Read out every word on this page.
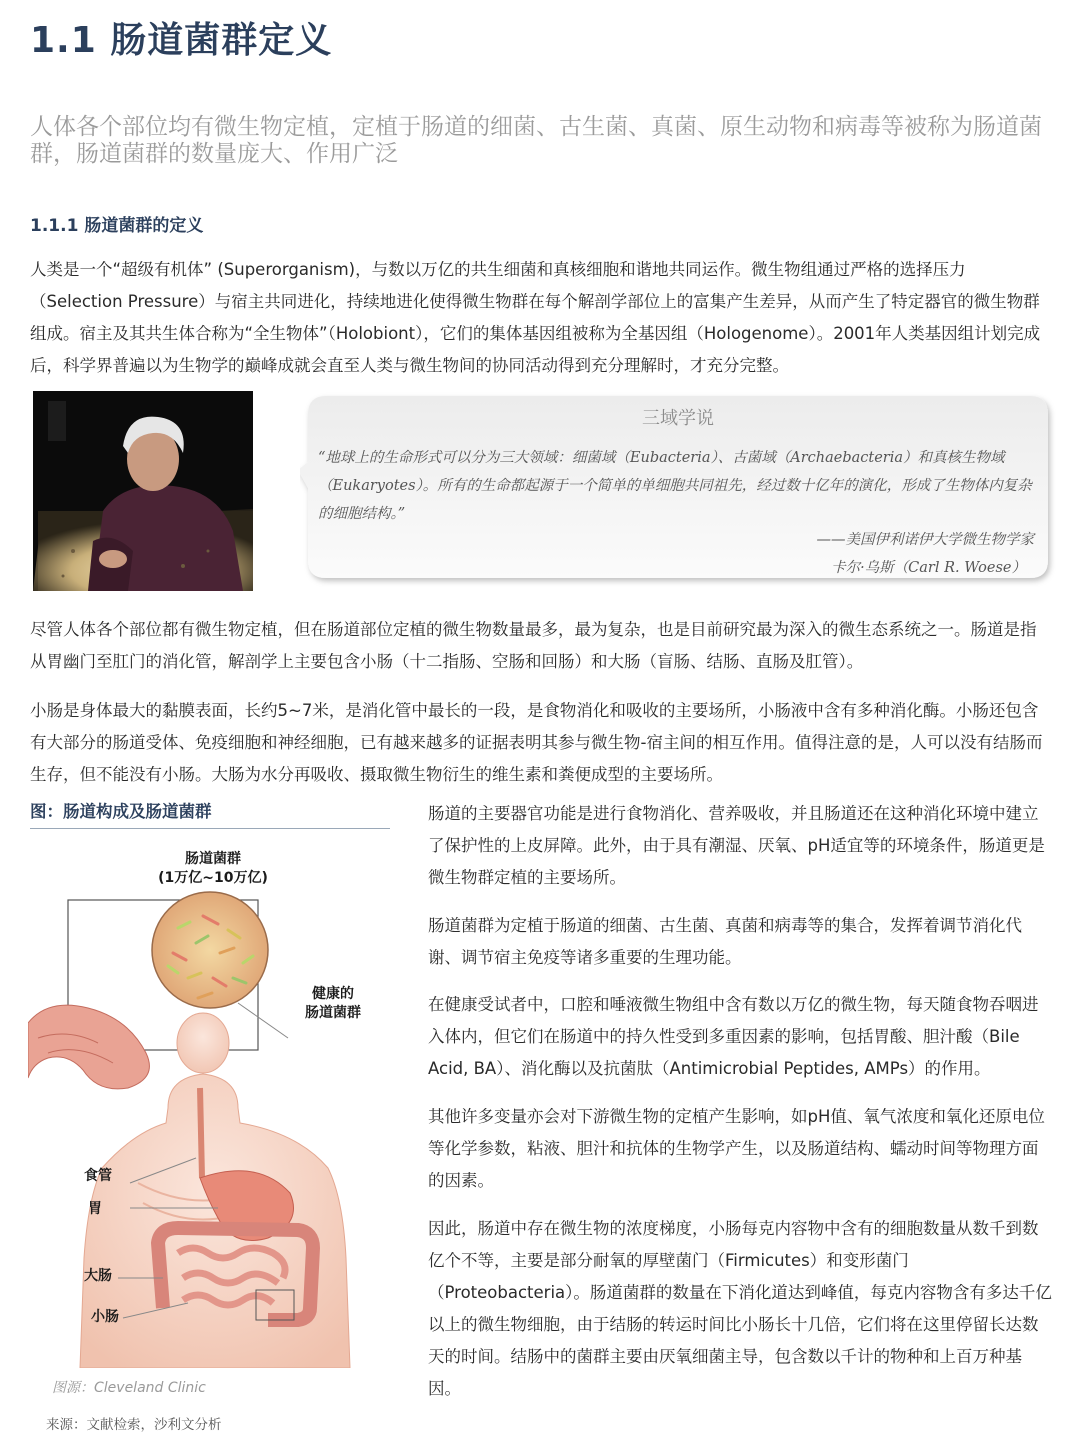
1.1 肠道菌群定义
人体各个部位均有微生物定植，定植于肠道的细菌、古生菌、真菌、原生动物和病毒等被称为肠道菌群，肠道菌群的数量庞大、作用广泛
1.1.1 肠道菌群的定义
人类是一个“超级有机体” (Superorganism)，与数以万亿的共生细菌和真核细胞和谐地共同运作。微生物组通过严格的选择压力（Selection Pressure）与宿主共同进化，持续地进化使得微生物群在每个解剖学部位上的富集产生差异，从而产生了特定器官的微生物群组成。宿主及其共生体合称为“全生物体”（Holobiont），它们的集体基因组被称为全基因组（Hologenome）。2001年人类基因组计划完成后，科学界普遍以为生物学的巅峰成就会直至人类与微生物间的协同活动得到充分理解时，才充分完整。
三域学说
“地球上的生命形式可以分为三大领域：细菌域（Eubacteria）、古菌域（Archaebacteria）和真核生物域（Eukaryotes）。所有的生命都起源于一个简单的单细胞共同祖先，经过数十亿年的演化，形成了生物体内复杂的细胞结构。”
——美国伊利诺伊大学微生物学家
卡尔·乌斯（Carl R. Woese）
尽管人体各个部位都有微生物定植，但在肠道部位定植的微生物数量最多，最为复杂，也是目前研究最为深入的微生态系统之一。肠道是指从胃幽门至肛门的消化管，解剖学上主要包含小肠（十二指肠、空肠和回肠）和大肠（盲肠、结肠、直肠及肛管）。
小肠是身体最大的黏膜表面，长约5~7米，是消化管中最长的一段，是食物消化和吸收的主要场所，小肠液中含有多种消化酶。小肠还包含有大部分的肠道受体、免疫细胞和神经细胞，已有越来越多的证据表明其参与微生物-宿主间的相互作用。值得注意的是，人可以没有结肠而生存，但不能没有小肠。大肠为水分再吸收、摄取微生物衍生的维生素和粪便成型的主要场所。
图：肠道构成及肠道菌群
肠道菌群
(1万亿~10万亿)
健康的
肠道菌群
食管
胃
大肠
小肠
图源：Cleveland Clinic
来源：文献检索，沙利文分析
肠道的主要器官功能是进行食物消化、营养吸收，并且肠道还在这种消化环境中建立了保护性的上皮屏障。此外，由于具有潮湿、厌氧、pH适宜等的环境条件，肠道更是微生物群定植的主要场所。
肠道菌群为定植于肠道的细菌、古生菌、真菌和病毒等的集合，发挥着调节消化代谢、调节宿主免疫等诸多重要的生理功能。
在健康受试者中，口腔和唾液微生物组中含有数以万亿的微生物，每天随食物吞咽进入体内，但它们在肠道中的持久性受到多重因素的影响，包括胃酸、胆汁酸（Bile Acid, BA）、消化酶以及抗菌肽（Antimicrobial Peptides, AMPs）的作用。
其他许多变量亦会对下游微生物的定植产生影响，如pH值、氧气浓度和氧化还原电位等化学参数，粘液、胆汁和抗体的生物学产生，以及肠道结构、蠕动时间等物理方面的因素。
因此，肠道中存在微生物的浓度梯度，小肠每克内容物中含有的细胞数量从数千到数亿个不等，主要是部分耐氧的厚壁菌门（Firmicutes）和变形菌门（Proteobacteria）。肠道菌群的数量在下消化道达到峰值，每克内容物含有多达千亿以上的微生物细胞，由于结肠的转运时间比小肠长十几倍，它们将在这里停留长达数天的时间。结肠中的菌群主要由厌氧细菌主导，包含数以千计的物种和上百万种基因。
